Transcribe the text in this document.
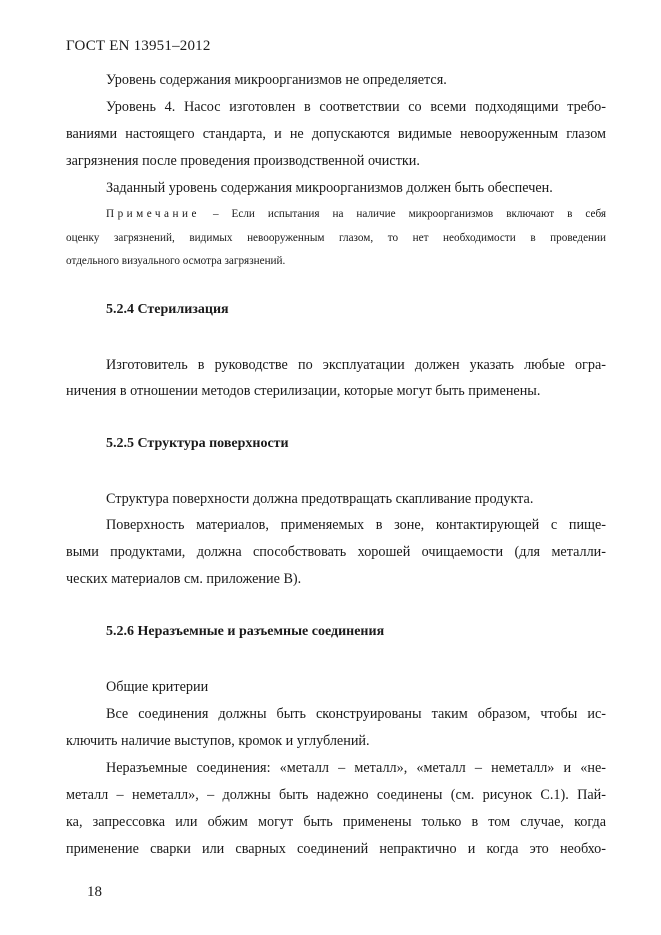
ГОСТ EN 13951–2012
Уровень содержания микроорганизмов не определяется.
Уровень 4. Насос изготовлен в соответствии со всеми подходящими требо-
ваниями настоящего стандарта, и не допускаются видимые невооруженным глазом
загрязнения после проведения производственной очистки.
Заданный уровень содержания микроорганизмов должен быть обеспечен.
Примечание – Если испытания на наличие микроорганизмов включают в себя
оценку загрязнений, видимых невооруженным глазом, то нет необходимости в проведении
отдельного визуального осмотра загрязнений.
5.2.4 Стерилизация
Изготовитель в руководстве по эксплуатации должен указать любые огра-
ничения в отношении методов стерилизации, которые могут быть применены.
5.2.5 Структура поверхности
Структура поверхности должна предотвращать скапливание продукта.
Поверхность материалов, применяемых в зоне, контактирующей с пище-
выми продуктами, должна способствовать хорошей очищаемости (для металли-
ческих материалов см. приложение В).
5.2.6 Неразъемные и разъемные соединения
Общие критерии
Все соединения должны быть сконструированы таким образом, чтобы ис-
ключить наличие выступов, кромок и углублений.
Неразъемные соединения: «металл – металл», «металл – неметалл» и «не-
металл – неметалл», – должны быть надежно соединены (см. рисунок С.1). Пай-
ка, запрессовка или обжим могут быть применены только в том случае, когда
применение сварки или сварных соединений непрактично и когда это необхо-
18
